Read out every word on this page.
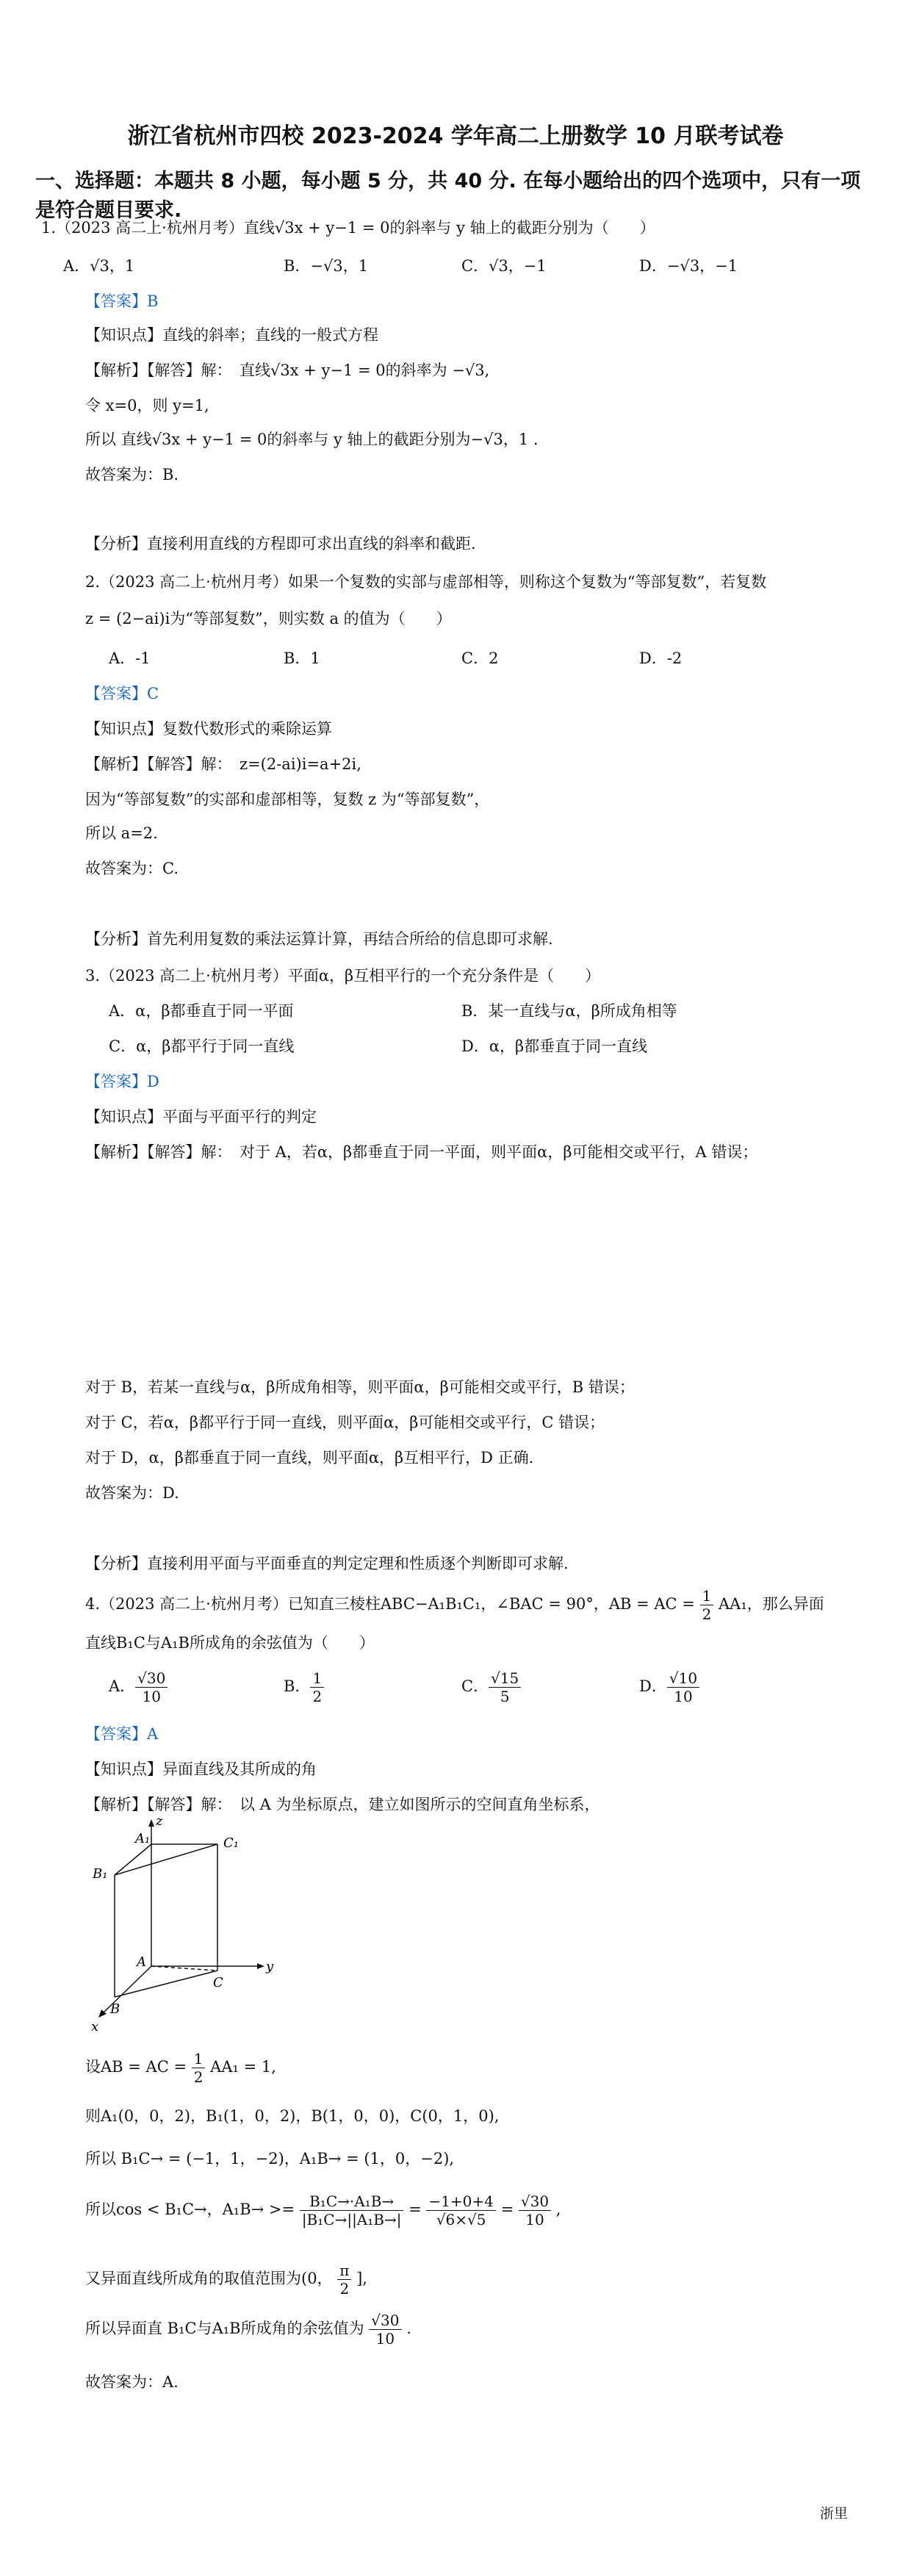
浙江省杭州市四校 2023-2024 学年高二上册数学 10 月联考试卷
一、选择题：本题共 8 小题，每小题 5 分，共 40 分. 在每小题给出的四个选项中，只有一项
是符合题目要求.
1.（2023 高二上·杭州月考）直线√3x + y−1 = 0的斜率与 y 轴上的截距分别为（　　）
A．√3，1	B．−√3，1	C．√3，−1	D．−√3，−1
【答案】B
【知识点】直线的斜率；直线的一般式方程
【解析】【解答】解：　直线√3x + y−1 = 0的斜率为 −√3,
令 x=0，则 y=1,
所以 直线√3x + y−1 = 0的斜率与 y 轴上的截距分别为−√3，1 .
故答案为：B.
【分析】直接利用直线的方程即可求出直线的斜率和截距.
2.（2023 高二上·杭州月考）如果一个复数的实部与虚部相等，则称这个复数为“等部复数”，若复数
z = (2−ai)i为“等部复数”，则实数 a 的值为（　　）
A．-1	B．1	C．2	D．-2
【答案】C
【知识点】复数代数形式的乘除运算
【解析】【解答】解：　z=(2-ai)i=a+2i,
因为“等部复数”的实部和虚部相等，复数 z 为“等部复数”，
所以 a=2.
故答案为：C.
【分析】首先利用复数的乘法运算计算，再结合所给的信息即可求解.
3.（2023 高二上·杭州月考）平面α，β互相平行的一个充分条件是（　　）
A．α，β都垂直于同一平面	B．某一直线与α，β所成角相等
C．α，β都平行于同一直线	D．α，β都垂直于同一直线
【答案】D
【知识点】平面与平面平行的判定
【解析】【解答】解：　对于 A，若α，β都垂直于同一平面，则平面α，β可能相交或平行，A 错误；
对于 B，若某一直线与α，β所成角相等，则平面α，β可能相交或平行，B 错误；
对于 C，若α，β都平行于同一直线，则平面α，β可能相交或平行，C 错误；
对于 D，α，β都垂直于同一直线，则平面α，β互相平行，D 正确.
故答案为：D.
【分析】直接利用平面与平面垂直的判定定理和性质逐个判断即可求解.
4.（2023 高二上·杭州月考）已知直三棱柱ABC−A₁B₁C₁，∠BAC = 90°，AB = AC = $\frac{1}{2} AA_1$，那么异面
直线B₁C与A₁B所成角的余弦值为（　　）
A． $\frac{√30}{10}$	B． $\frac{1}{2}$	C． $\frac{√15}{5}$	D． $\frac{√10}{10}$
【答案】A
【知识点】异面直线及其所成的角
【解析】【解答】解：　以 A 为坐标原点，建立如图所示的空间直角坐标系，
z
y
x
A₁	C₁
B₁
A
B
C
设AB = AC = $\frac{1}{2} AA_1 = 1$,
则A₁(0，0，2)，B₁(1，0，2)，B(1，0，0)，C(0，1，0),
所以 B₁C→ = (−1，1，−2)，A₁B→ = (1，0，−2),
所以cos < B₁C→，$A_1B\to >= \frac{\text{B₁C→·A₁B→}}{\text{|B₁C→||A₁B→|}} = \frac{-1+0+4}{√6\times√5} = \frac{√30}{10}$ ,
又异面直线所成角的取值范围为(0， $\frac{\pi}{2}$ ],
所以异面直 B₁C与A₁B所成角的余弦值为 $\frac{√30}{10}$ .
故答案为：A.
浙里
